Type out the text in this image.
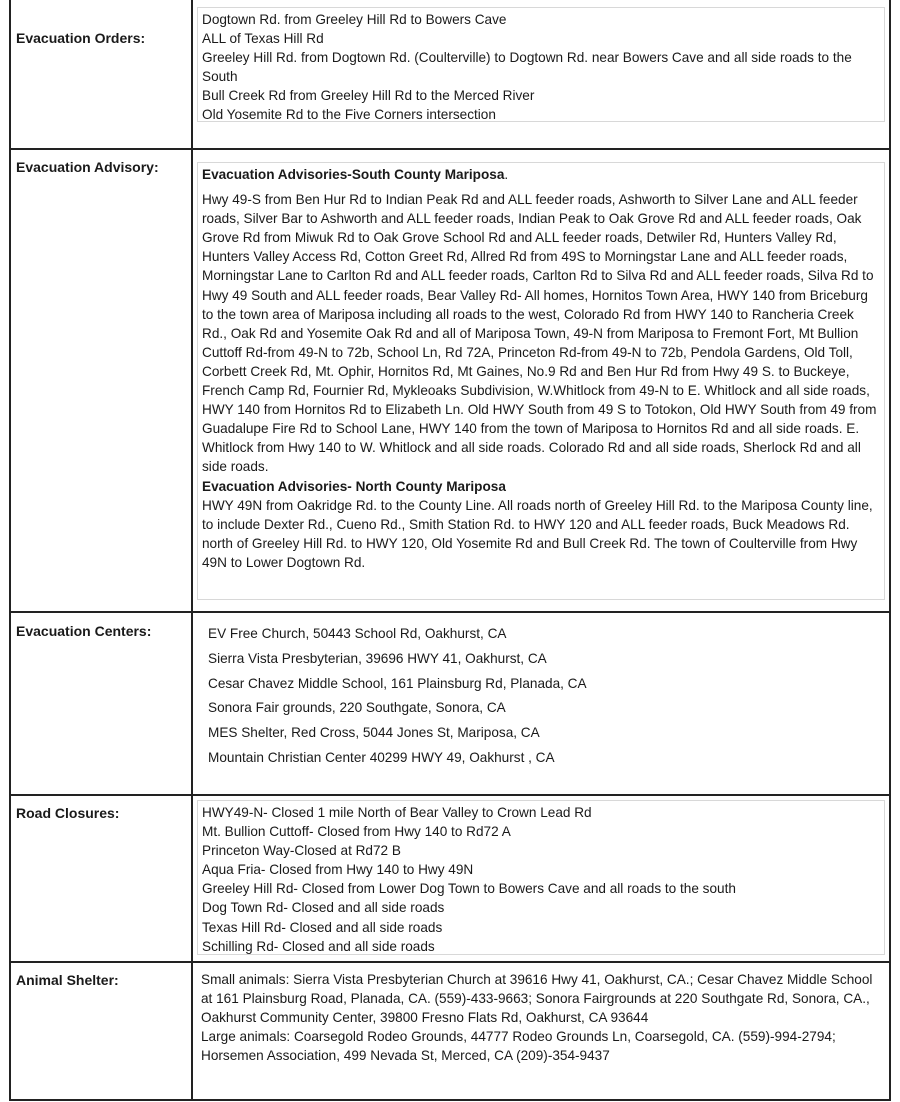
Evacuation Orders:
Dogtown Rd. from Greeley Hill Rd to Bowers Cave
ALL of Texas Hill Rd
Greeley Hill Rd. from Dogtown Rd. (Coulterville) to Dogtown Rd. near Bowers Cave and all side roads to the South
Bull Creek Rd from Greeley Hill Rd to the Merced River
Old Yosemite Rd to the Five Corners intersection
Evacuation Advisory:	Evacuation Advisories-South County Mariposa.
Hwy 49-S from Ben Hur Rd to Indian Peak Rd and ALL feeder roads, Ashworth to Silver Lane and ALL feeder roads, Silver Bar to Ashworth and ALL feeder roads, Indian Peak to Oak Grove Rd and ALL feeder roads, Oak Grove Rd from Miwuk Rd to Oak Grove School Rd and ALL feeder roads, Detwiler Rd, Hunters Valley Rd, Hunters Valley Access Rd, Cotton Greet Rd, Allred Rd from 49S to Morningstar Lane and ALL feeder roads, Morningstar Lane to Carlton Rd and ALL feeder roads, Carlton Rd to Silva Rd and ALL feeder roads, Silva Rd to Hwy 49 South and ALL feeder roads, Bear Valley Rd- All homes, Hornitos Town Area, HWY 140 from Briceburg to the town area of Mariposa including all roads to the west, Colorado Rd from HWY 140 to Rancheria Creek Rd., Oak Rd and Yosemite Oak Rd and all of Mariposa Town, 49-N from Mariposa to Fremont Fort, Mt Bullion Cuttoff Rd-from 49-N to 72b, School Ln, Rd 72A, Princeton Rd-from 49-N to 72b, Pendola Gardens, Old Toll, Corbett Creek Rd, Mt. Ophir, Hornitos Rd, Mt Gaines, No.9 Rd and Ben Hur Rd from Hwy 49 S. to Buckeye, French Camp Rd, Fournier Rd, Mykleoaks Subdivision, W.Whitlock from 49-N to E. Whitlock and all side roads, HWY 140 from Hornitos Rd to Elizabeth Ln. Old HWY South from 49 S to Totokon, Old HWY South from 49 from Guadalupe Fire Rd to School Lane, HWY 140 from the town of Mariposa to Hornitos Rd and all side roads. E. Whitlock from Hwy 140 to W. Whitlock and all side roads. Colorado Rd and all side roads, Sherlock Rd and all side roads.
Evacuation Advisories- North County Mariposa
HWY 49N from Oakridge Rd. to the County Line. All roads north of Greeley Hill Rd. to the Mariposa County line, to include Dexter Rd., Cueno Rd., Smith Station Rd. to HWY 120 and ALL feeder roads, Buck Meadows Rd. north of Greeley Hill Rd. to HWY 120, Old Yosemite Rd and Bull Creek Rd. The town of Coulterville from Hwy 49N to Lower Dogtown Rd.
Evacuation Centers:	EV Free Church, 50443 School Rd, Oakhurst, CA
Sierra Vista Presbyterian, 39696 HWY 41, Oakhurst, CA
Cesar Chavez Middle School, 161 Plainsburg Rd, Planada, CA
Sonora Fair grounds, 220 Southgate, Sonora, CA
MES Shelter, Red Cross, 5044 Jones St, Mariposa, CA
Mountain Christian Center 40299 HWY 49, Oakhurst , CA
Road Closures:	HWY49-N- Closed 1 mile North of Bear Valley to Crown Lead Rd
Mt. Bullion Cuttoff- Closed from Hwy 140 to Rd72 A
Princeton Way-Closed at Rd72 B
Aqua Fria- Closed from Hwy 140 to Hwy 49N
Greeley Hill Rd- Closed from Lower Dog Town to Bowers Cave and all roads to the south
Dog Town Rd- Closed and all side roads
Texas Hill Rd- Closed and all side roads
Schilling Rd- Closed and all side roads
Animal Shelter:	Small animals: Sierra Vista Presbyterian Church at 39616 Hwy 41, Oakhurst, CA.; Cesar Chavez Middle School at 161 Plainsburg Road, Planada, CA. (559)-433-9663; Sonora Fairgrounds at 220 Southgate Rd, Sonora, CA., Oakhurst Community Center, 39800 Fresno Flats Rd, Oakhurst, CA 93644
Large animals: Coarsegold Rodeo Grounds, 44777 Rodeo Grounds Ln, Coarsegold, CA. (559)-994-2794; Horsemen Association, 499 Nevada St, Merced, CA (209)-354-9437
